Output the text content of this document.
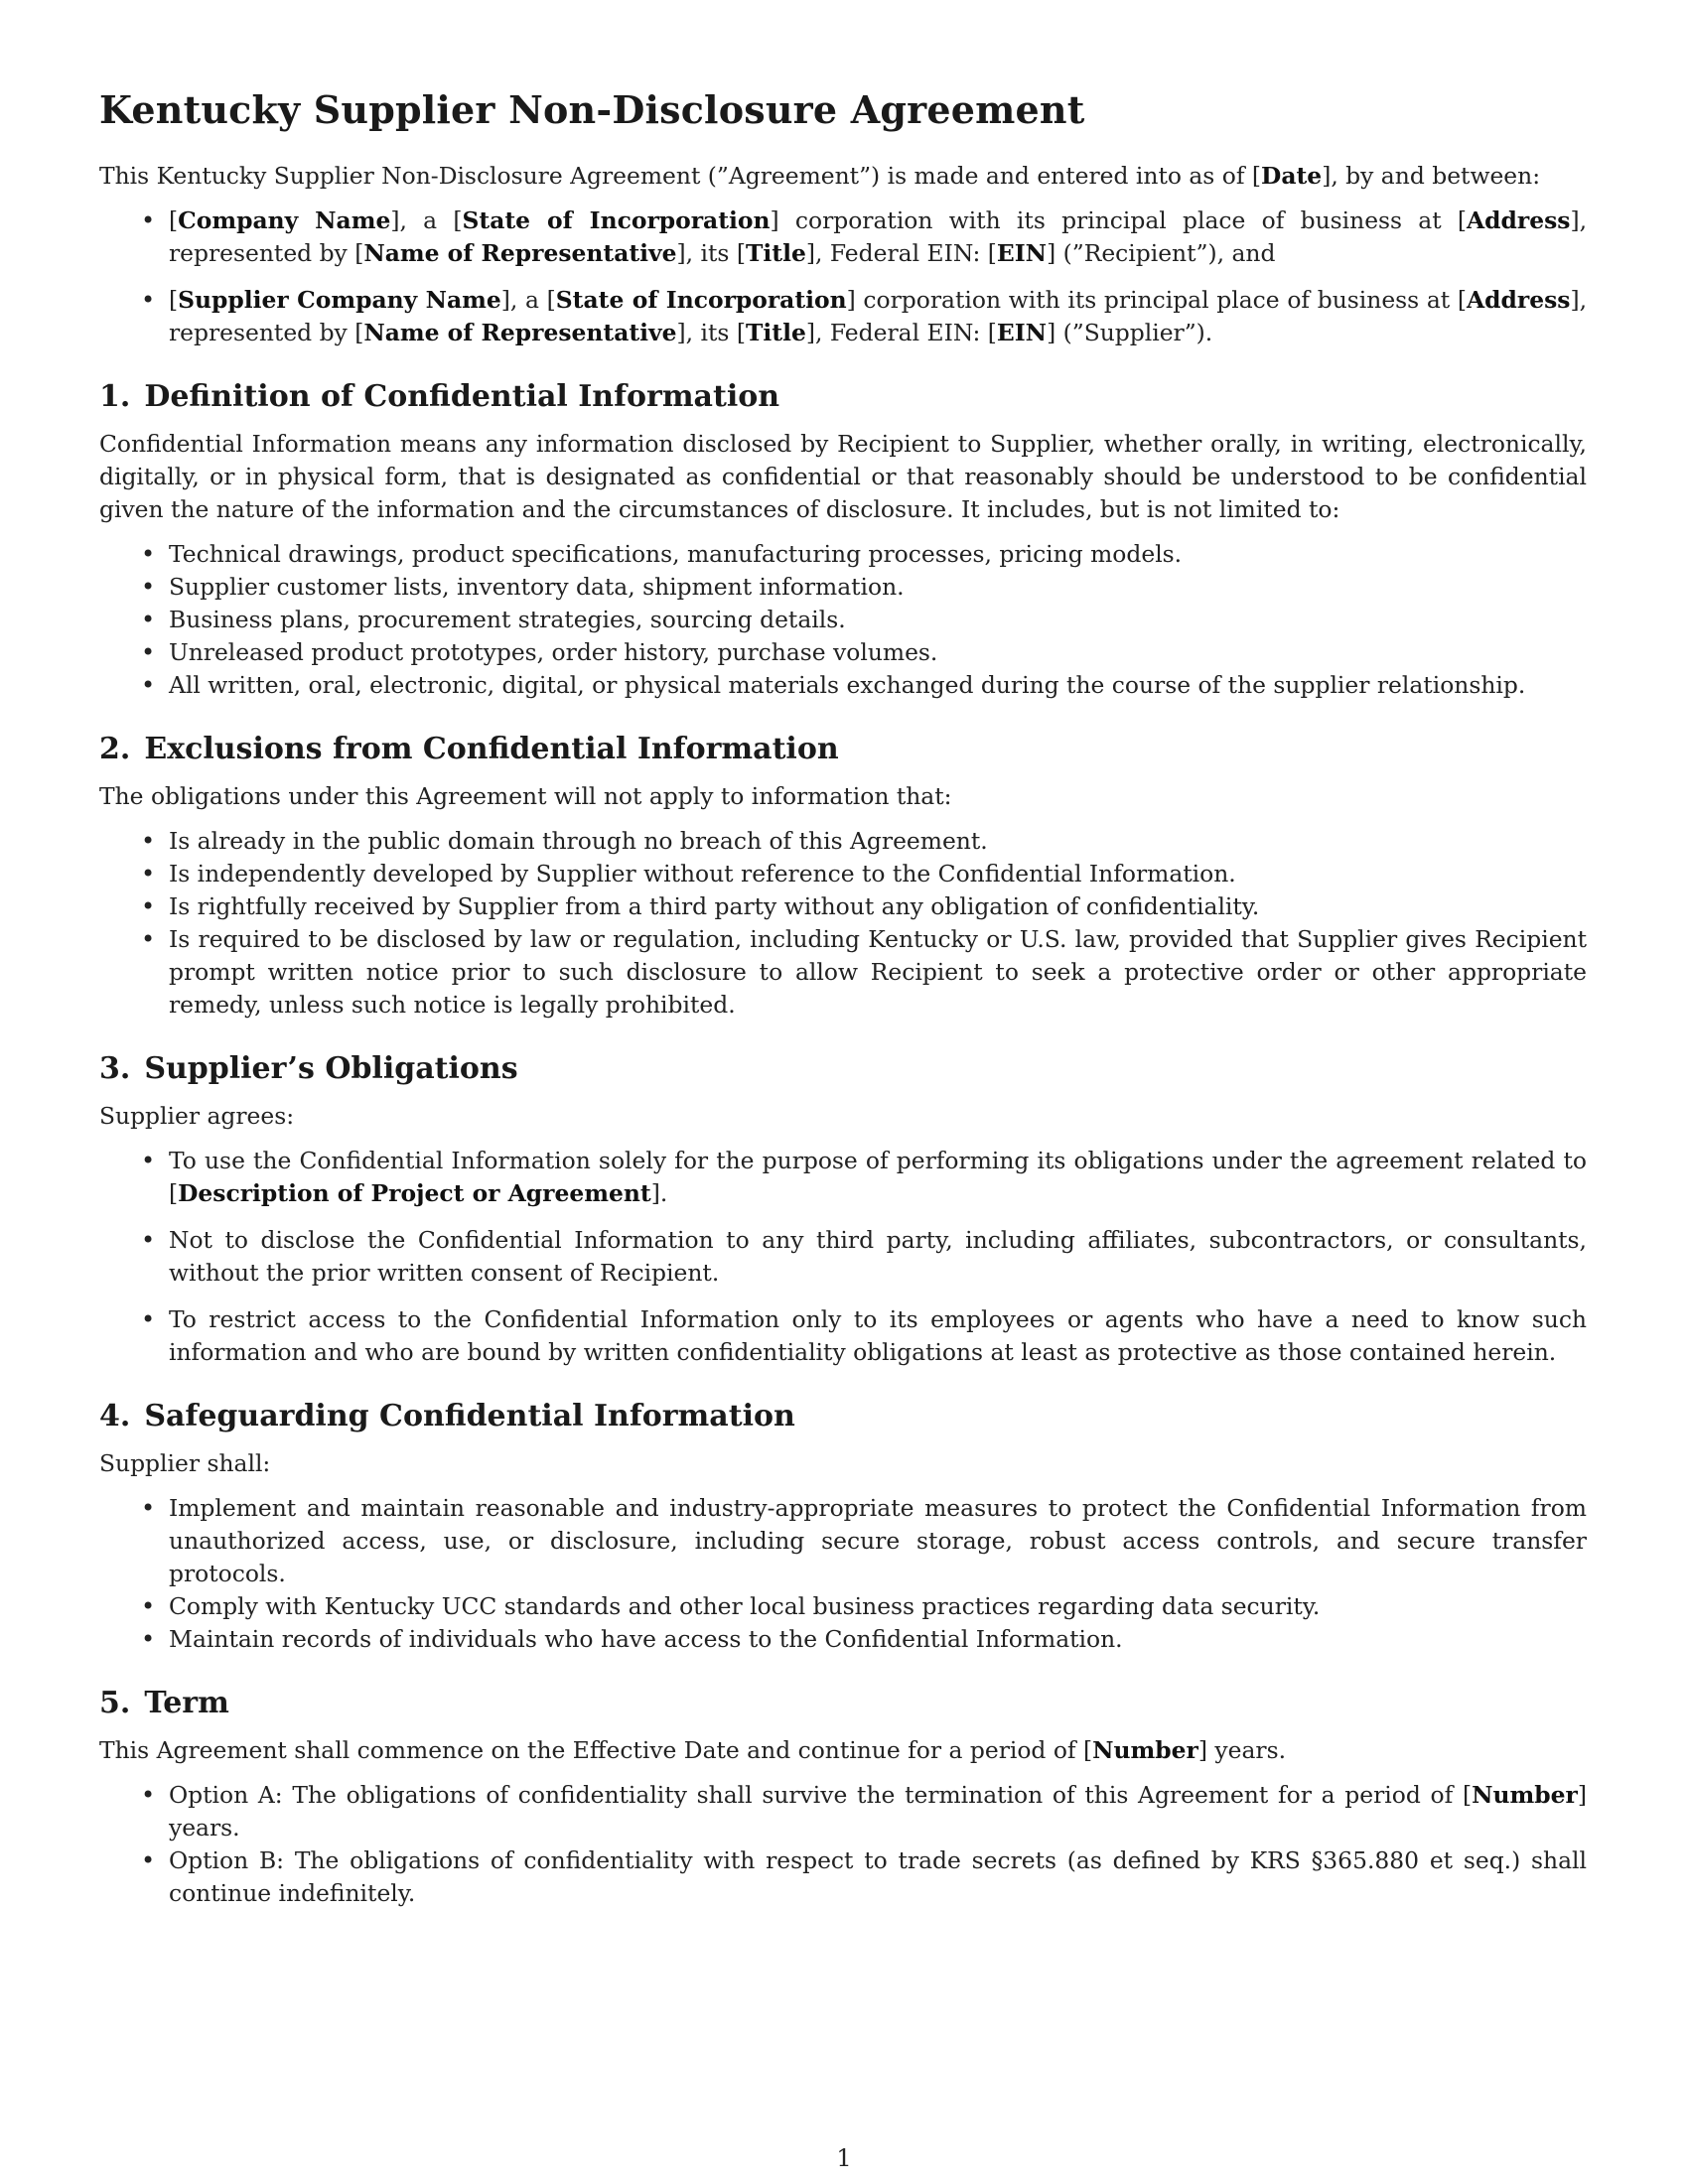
Kentucky Supplier Non-Disclosure Agreement

This Kentucky Supplier Non-Disclosure Agreement (”Agreement”) is made and entered into as of [Date], by and between:

• [Company Name], a [State of Incorporation] corporation with its principal place of business at [Address], represented by [Name of Representative], its [Title], Federal EIN: [EIN] (”Recipient”), and
• [Supplier Company Name], a [State of Incorporation] corporation with its principal place of business at [Address], represented by [Name of Representative], its [Title], Federal EIN: [EIN] (”Supplier”).
1. Definition of Confidential Information

Confidential Information means any information disclosed by Recipient to Supplier, whether orally, in writing, electronically, digitally, or in physical form, that is designated as confidential or that reasonably should be understood to be confidential given the nature of the information and the circumstances of disclosure. It includes, but is not limited to:

• Technical drawings, product specifications, manufacturing processes, pricing models.
• Supplier customer lists, inventory data, shipment information.
• Business plans, procurement strategies, sourcing details.
• Unreleased product prototypes, order history, purchase volumes.
• All written, oral, electronic, digital, or physical materials exchanged during the course of the supplier relationship.
2. Exclusions from Confidential Information

The obligations under this Agreement will not apply to information that:

• Is already in the public domain through no breach of this Agreement.
• Is independently developed by Supplier without reference to the Confidential Information.
• Is rightfully received by Supplier from a third party without any obligation of confidentiality.
• Is required to be disclosed by law or regulation, including Kentucky or U.S. law, provided that Supplier gives Recipient prompt written notice prior to such disclosure to allow Recipient to seek a protective order or other appropriate remedy, unless such notice is legally prohibited.
3. Supplier’s Obligations

Supplier agrees:

• To use the Confidential Information solely for the purpose of performing its obligations under the agreement related to [Description of Project or Agreement].
• Not to disclose the Confidential Information to any third party, including affiliates, subcontractors, or consultants, without the prior written consent of Recipient.
• To restrict access to the Confidential Information only to its employees or agents who have a need to know such information and who are bound by written confidentiality obligations at least as protective as those contained herein.
4. Safeguarding Confidential Information

Supplier shall:

• Implement and maintain reasonable and industry-appropriate measures to protect the Confidential Information from unauthorized access, use, or disclosure, including secure storage, robust access controls, and secure transfer protocols.
• Comply with Kentucky UCC standards and other local business practices regarding data security.
• Maintain records of individuals who have access to the Confidential Information.
5. Term

This Agreement shall commence on the Effective Date and continue for a period of [Number] years.

• Option A: The obligations of confidentiality shall survive the termination of this Agreement for a period of [Number] years.
• Option B: The obligations of confidentiality with respect to trade secrets (as defined by KRS §365.880 et seq.) shall continue indefinitely.
1
